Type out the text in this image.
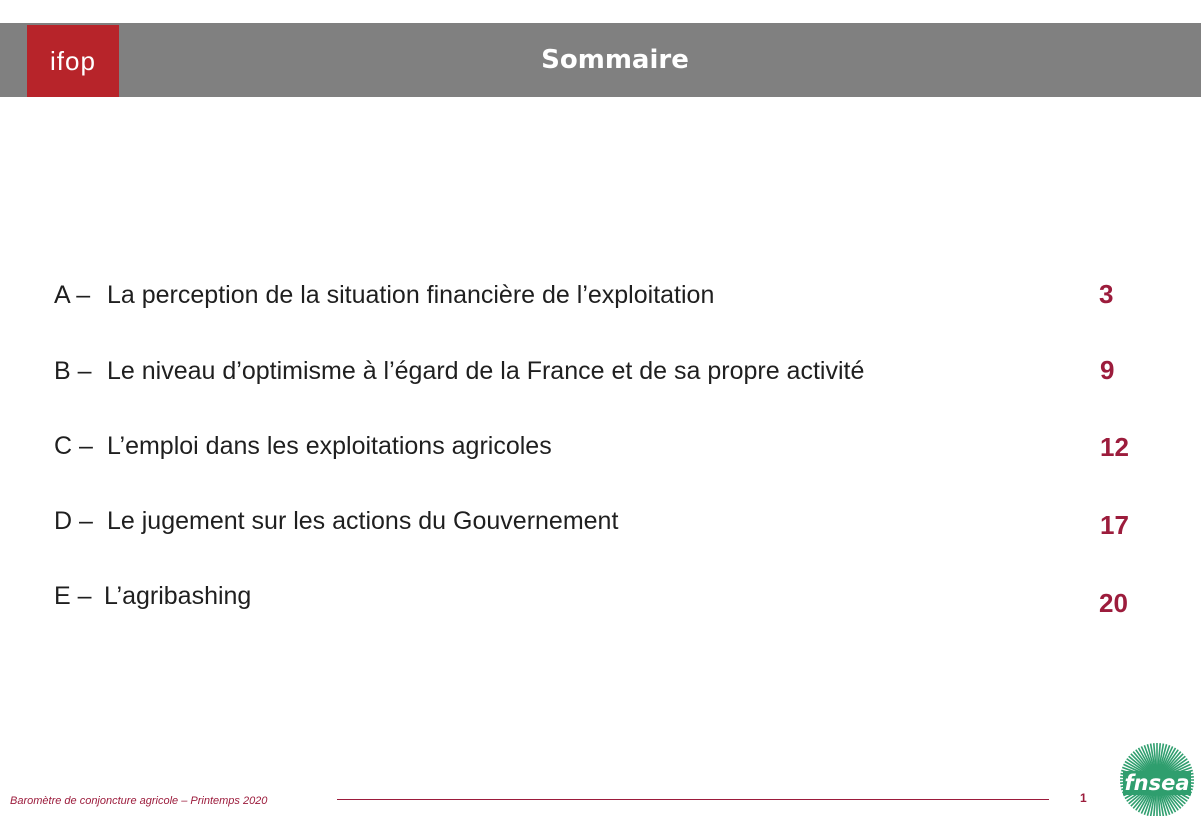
ifop	Sommaire
A – La perception de la situation financière de l’exploitation	3
B – Le niveau d’optimisme à l’égard de la France et de sa propre activité	9
C – L’emploi dans les exploitations agricoles	12
D – Le jugement sur les actions du Gouvernement	17
E – L’agribashing	20
Baromètre de conjoncture agricole – Printemps 2020	1
fnsea
